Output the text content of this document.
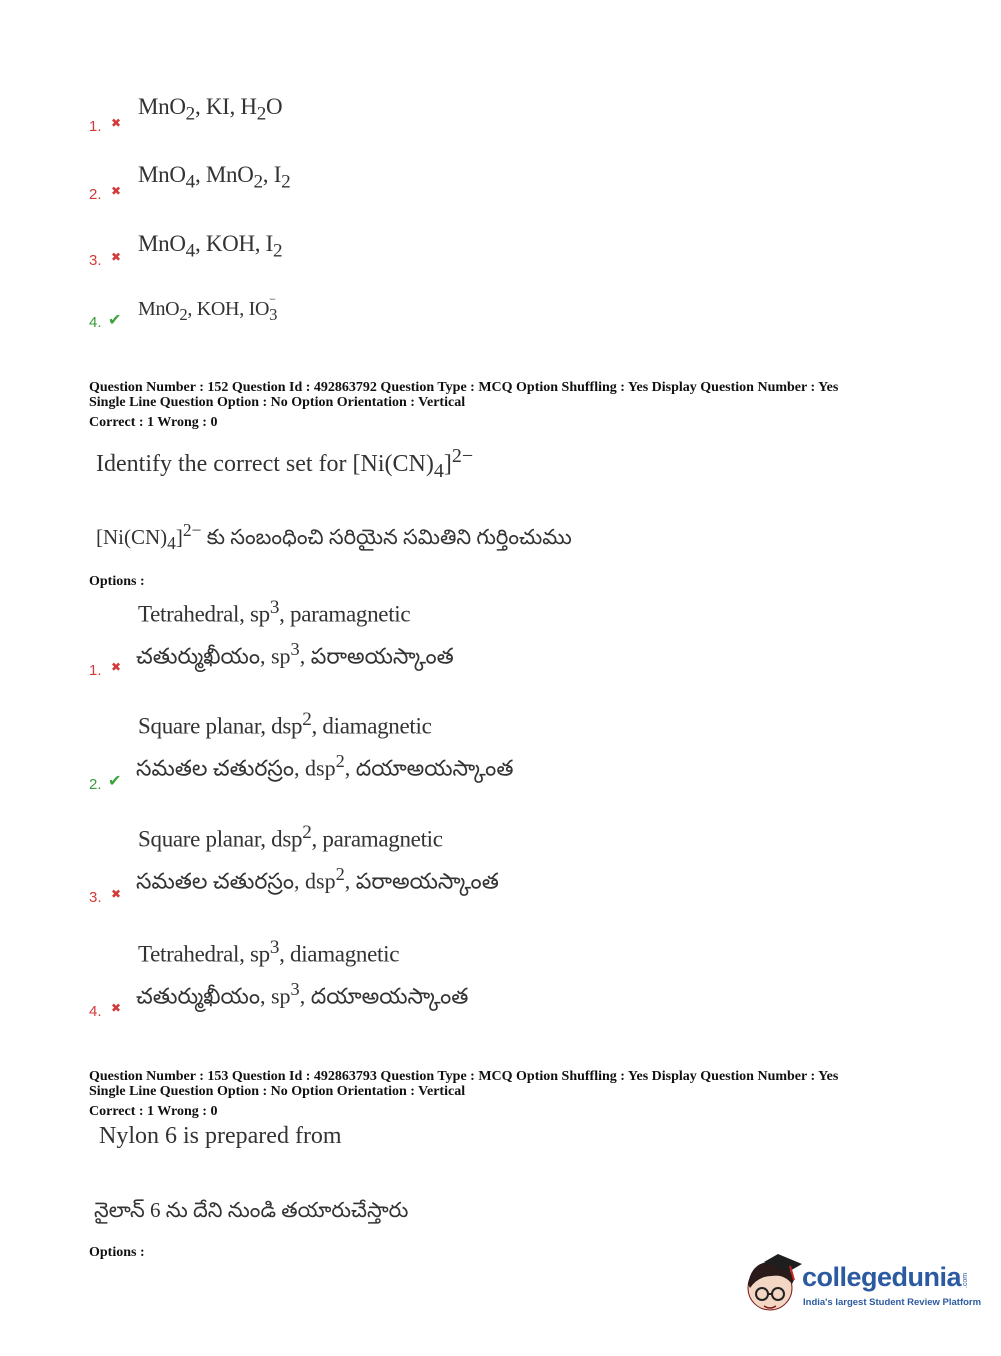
1. ✖
MnO$_2$, KI, $H_2O$
2. ✖
MnO$_4$, MnO$_2$, $I_2$
3. ✖
MnO$_4$, KOH, $I_2$
4. ✔ MnO$_2$, KOH, $IO_3$
−
Question Number : 152 Question Id : 492863792 Question Type : MCQ Option Shuffling : Yes Display Question Number : Yes
Single Line Question Option : No Option Orientation : Vertical
Correct : 1 Wrong : 0
Identify the correct set for $[Ni(CN)_4]^{2-}$
$[Ni(CN)_4]^{2-}$ కు సంబంధించి సరియైన సమితిని గుర్తించుము
Options :
Tetrahedral, $sp^3$, paramagnetic
చతుర్ముఖీయం, $sp^3$, పరాఅయస్కాంత
1. ✖
Square planar, dsp$^2$, diamagnetic
సమతల చతురస్రం, dsp$^2$, దయాఅయస్కాంత
2. ✔
Square planar, dsp$^2$, paramagnetic
సమతల చతురస్రం, dsp$^2$, పరాఅయస్కాంత
3. ✖
Tetrahedral, $sp^3$, diamagnetic
చతుర్ముఖీయం, $sp^3$, దయాఅయస్కాంత
4. ✖
Question Number : 153 Question Id : 492863793 Question Type : MCQ Option Shuffling : Yes Display Question Number : Yes
Single Line Question Option : No Option Orientation : Vertical
Correct : 1 Wrong : 0
Nylon 6 is prepared from
నైలాన్ 6 ను దేని నుండి తయారుచేస్తారు
Options :
collegedunia .com
India's largest Student Review Platform
